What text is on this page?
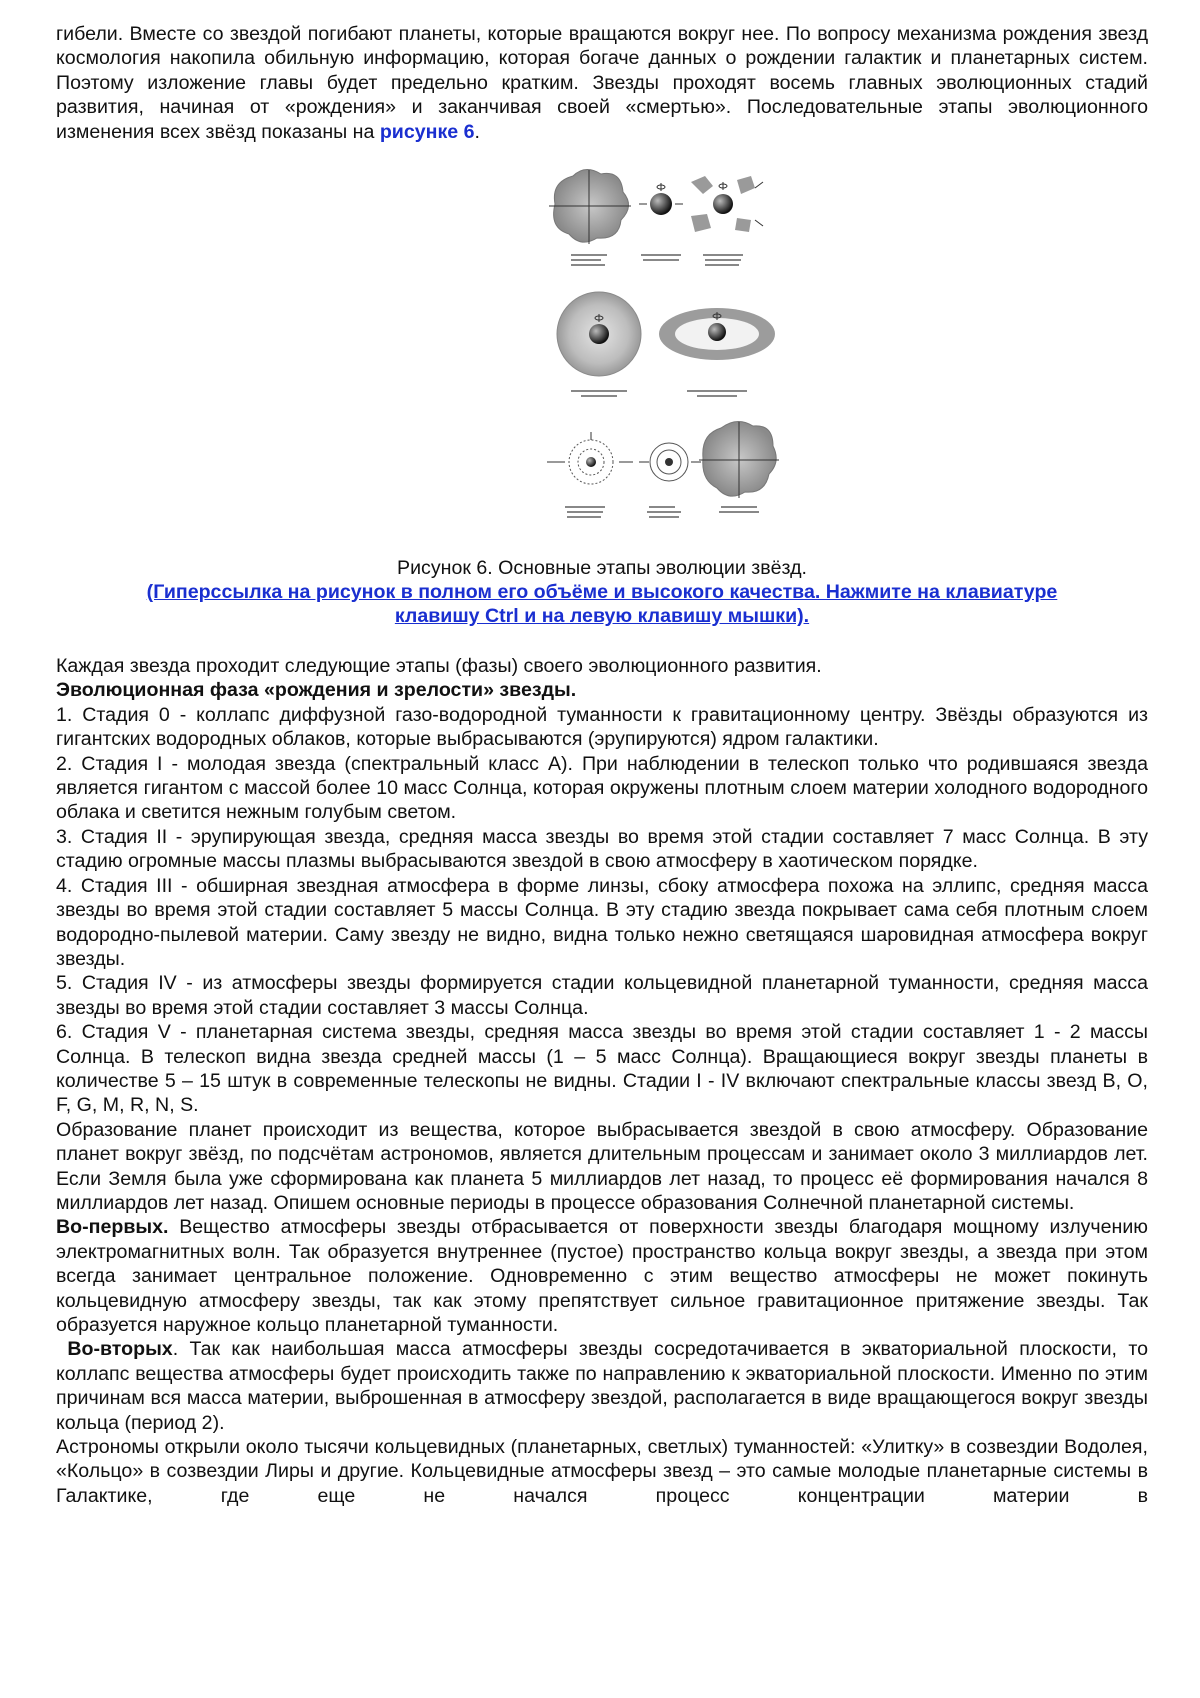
гибели. Вместе со звездой погибают планеты, которые вращаются вокруг нее. По вопросу механизма рождения звезд космология накопила обильную информацию, которая богаче данных о рождении галактик и планетарных систем. Поэтому изложение главы будет предельно кратким. Звезды проходят восемь главных эволюционных стадий развития, начиная от «рождения» и заканчивая своей «смертью». Последовательные этапы эволюционного изменения всех звёзд показаны на рисунке 6.

Рисунок 6. Основные этапы эволюции звёзд.
(Гиперссылка на рисунок в полном его объёме и высокого качества. Нажмите на клавиатуре клавишу Ctrl и на левую клавишу мышки).

Каждая звезда проходит следующие этапы (фазы) своего эволюционного развития.

Эволюционная фаза «рождения и зрелости» звезды.

1. Стадия 0 - коллапс диффузной газо-водородной туманности к гравитационному центру. Звёзды образуются из гигантских водородных облаков, которые выбрасываются (эрупируются) ядром галактики.

2. Стадия I - молодая звезда (спектральный класс А). При наблюдении в телескоп только что родившаяся звезда является гигантом с массой более 10 масс Солнца, которая окружены плотным слоем материи холодного водородного облака и светится нежным голубым светом.

3. Стадия II - эрупирующая звезда, средняя масса звезды во время этой стадии составляет 7 масс Солнца. В эту стадию огромные массы плазмы выбрасываются звездой в свою атмосферу в хаотическом порядке.

4. Стадия III - обширная звездная атмосфера в форме линзы, сбоку атмосфера похожа на эллипс, средняя масса звезды во время этой стадии составляет 5 массы Солнца. В эту стадию звезда покрывает сама себя плотным слоем водородно-пылевой материи. Саму звезду не видно, видна только нежно светящаяся шаровидная атмосфера вокруг звезды.

5. Стадия IV - из атмосферы звезды формируется стадии кольцевидной планетарной туманности, средняя масса звезды во время этой стадии составляет 3 массы Солнца.

6. Стадия V - планетарная система звезды, средняя масса звезды во время этой стадии составляет 1 - 2 массы Солнца. В телескоп видна звезда средней массы (1 – 5 масс Солнца). Вращающиеся вокруг звезды планеты в количестве 5 – 15 штук в современные телескопы не видны. Стадии I - IV включают спектральные классы звезд В, О, F, G, M, R, N, S.

Образование планет происходит из вещества, которое выбрасывается звездой в свою атмосферу. Образование планет вокруг звёзд, по подсчётам астрономов, является длительным процессам и занимает около 3 миллиардов лет. Если Земля была уже сформирована как планета 5 миллиардов лет назад, то процесс её формирования начался 8 миллиардов лет назад. Опишем основные периоды в процессе образования Солнечной планетарной системы.

Во-первых. Вещество атмосферы звезды отбрасывается от поверхности звезды благодаря мощному излучению электромагнитных волн. Так образуется внутреннее (пустое) пространство кольца вокруг звезды, а звезда при этом всегда занимает центральное положение. Одновременно с этим вещество атмосферы не может покинуть кольцевидную атмосферу звезды, так как этому препятствует сильное гравитационное притяжение звезды. Так образуется наружное кольцо планетарной туманности.

Во-вторых. Так как наибольшая масса атмосферы звезды сосредотачивается в экваториальной плоскости, то коллапс вещества атмосферы будет происходить также по направлению к экваториальной плоскости. Именно по этим причинам вся масса материи, выброшенная в атмосферу звездой, располагается в виде вращающегося вокруг звезды кольца (период 2).

Астрономы открыли около тысячи кольцевидных (планетарных, светлых) туманностей: «Улитку» в созвездии Водолея, «Кольцо» в созвездии Лиры и другие. Кольцевидные атмосферы звезд – это самые молодые планетарные системы в Галактике, где еще не начался процесс концентрации материи в
